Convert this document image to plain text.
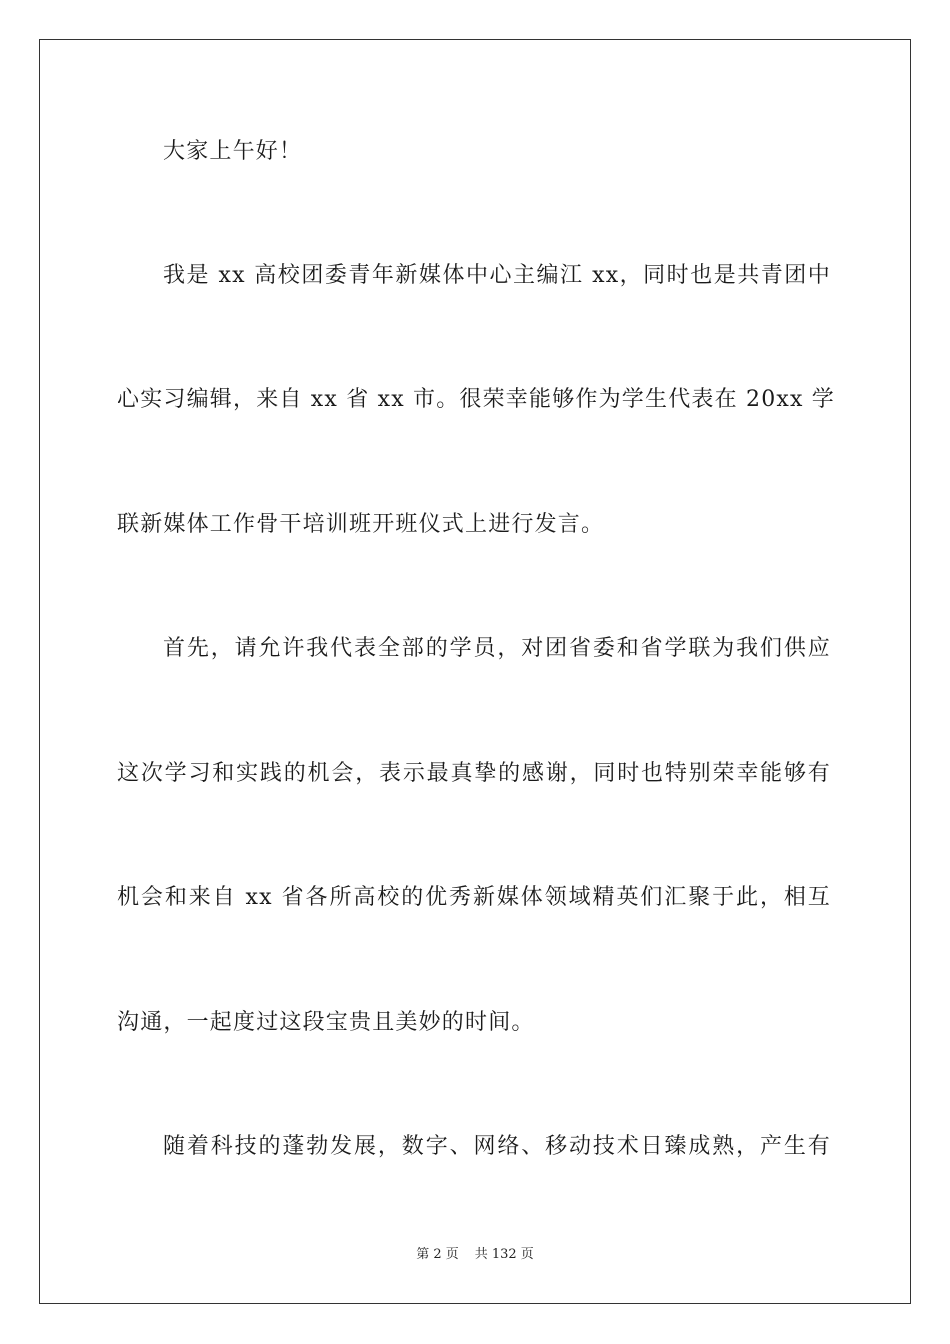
大家上午好！
我是 xx 高校团委青年新媒体中心主编江 xx，同时也是共青团中
心实习编辑，来自 xx 省 xx 市。很荣幸能够作为学生代表在 20xx 学
联新媒体工作骨干培训班开班仪式上进行发言。
首先，请允许我代表全部的学员，对团省委和省学联为我们供应
这次学习和实践的机会，表示最真挚的感谢，同时也特别荣幸能够有
机会和来自 xx 省各所高校的优秀新媒体领域精英们汇聚于此，相互
沟通，一起度过这段宝贵且美妙的时间。
随着科技的蓬勃发展，数字、网络、移动技术日臻成熟，产生有
第 2 页 共 132 页
